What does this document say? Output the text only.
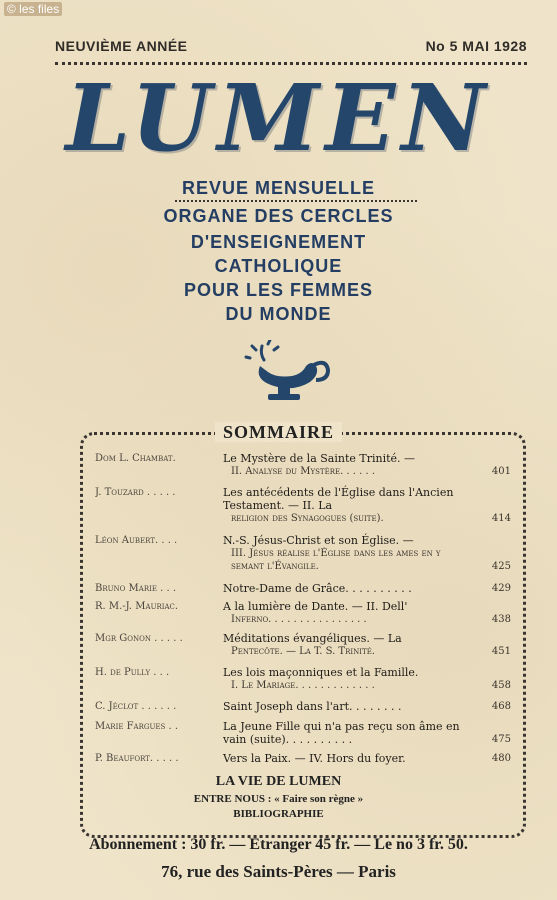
© les files
NEUVIÈME ANNÉE	No 5 MAI 1928
LUMEN
REVUE MENSUELLE
ORGANE DES CERCLES
D'ENSEIGNEMENT
CATHOLIQUE
POUR LES FEMMES
DU MONDE
SOMMAIRE
Dom L. Chambat.	Le Mystère de la Sainte Trinité. —
II. Analyse du Mystère. . . . . .	401
J. Touzard . . . . .	Les antécédents de l'Église dans l'Ancien Testament. — II. La
religion des Synagogues (suite).	414
Léon Aubert. . . .	N.-S. Jésus-Christ et son Église. —
III. Jésus réalise l'Église dans les ames en y semant l'Évangile.	425
Bruno Marie . . .	Notre-Dame de Grâce. . . . . . . . . .	429
R. M.-J. Mauriac.	A la lumière de Dante. — II. Dell'
Inferno. . . . . . . . . . . . . . . .	438
Mgr Gonon . . . . .	Méditations évangéliques. — La
Pentecôte. — La T. S. Trinité.	451
H. de Pully . . .	Les lois maçonniques et la Famille.
I. Le Mariage. . . . . . . . . . . . .	458
C. Jéclot . . . . . .	Saint Joseph dans l'art. . . . . . . .	468
Marie Fargues . .	La Jeune Fille qui n'a pas reçu son âme en vain (suite). . . . . . . . . .	475
P. Beaufort. . . . .	Vers la Paix. — IV. Hors du foyer.	480
LA VIE DE LUMEN
ENTRE NOUS : « Faire son règne »
BIBLIOGRAPHIE
Abonnement : 30 fr. — Etranger 45 fr. — Le no 3 fr. 50.
76, rue des Saints-Pères — Paris
